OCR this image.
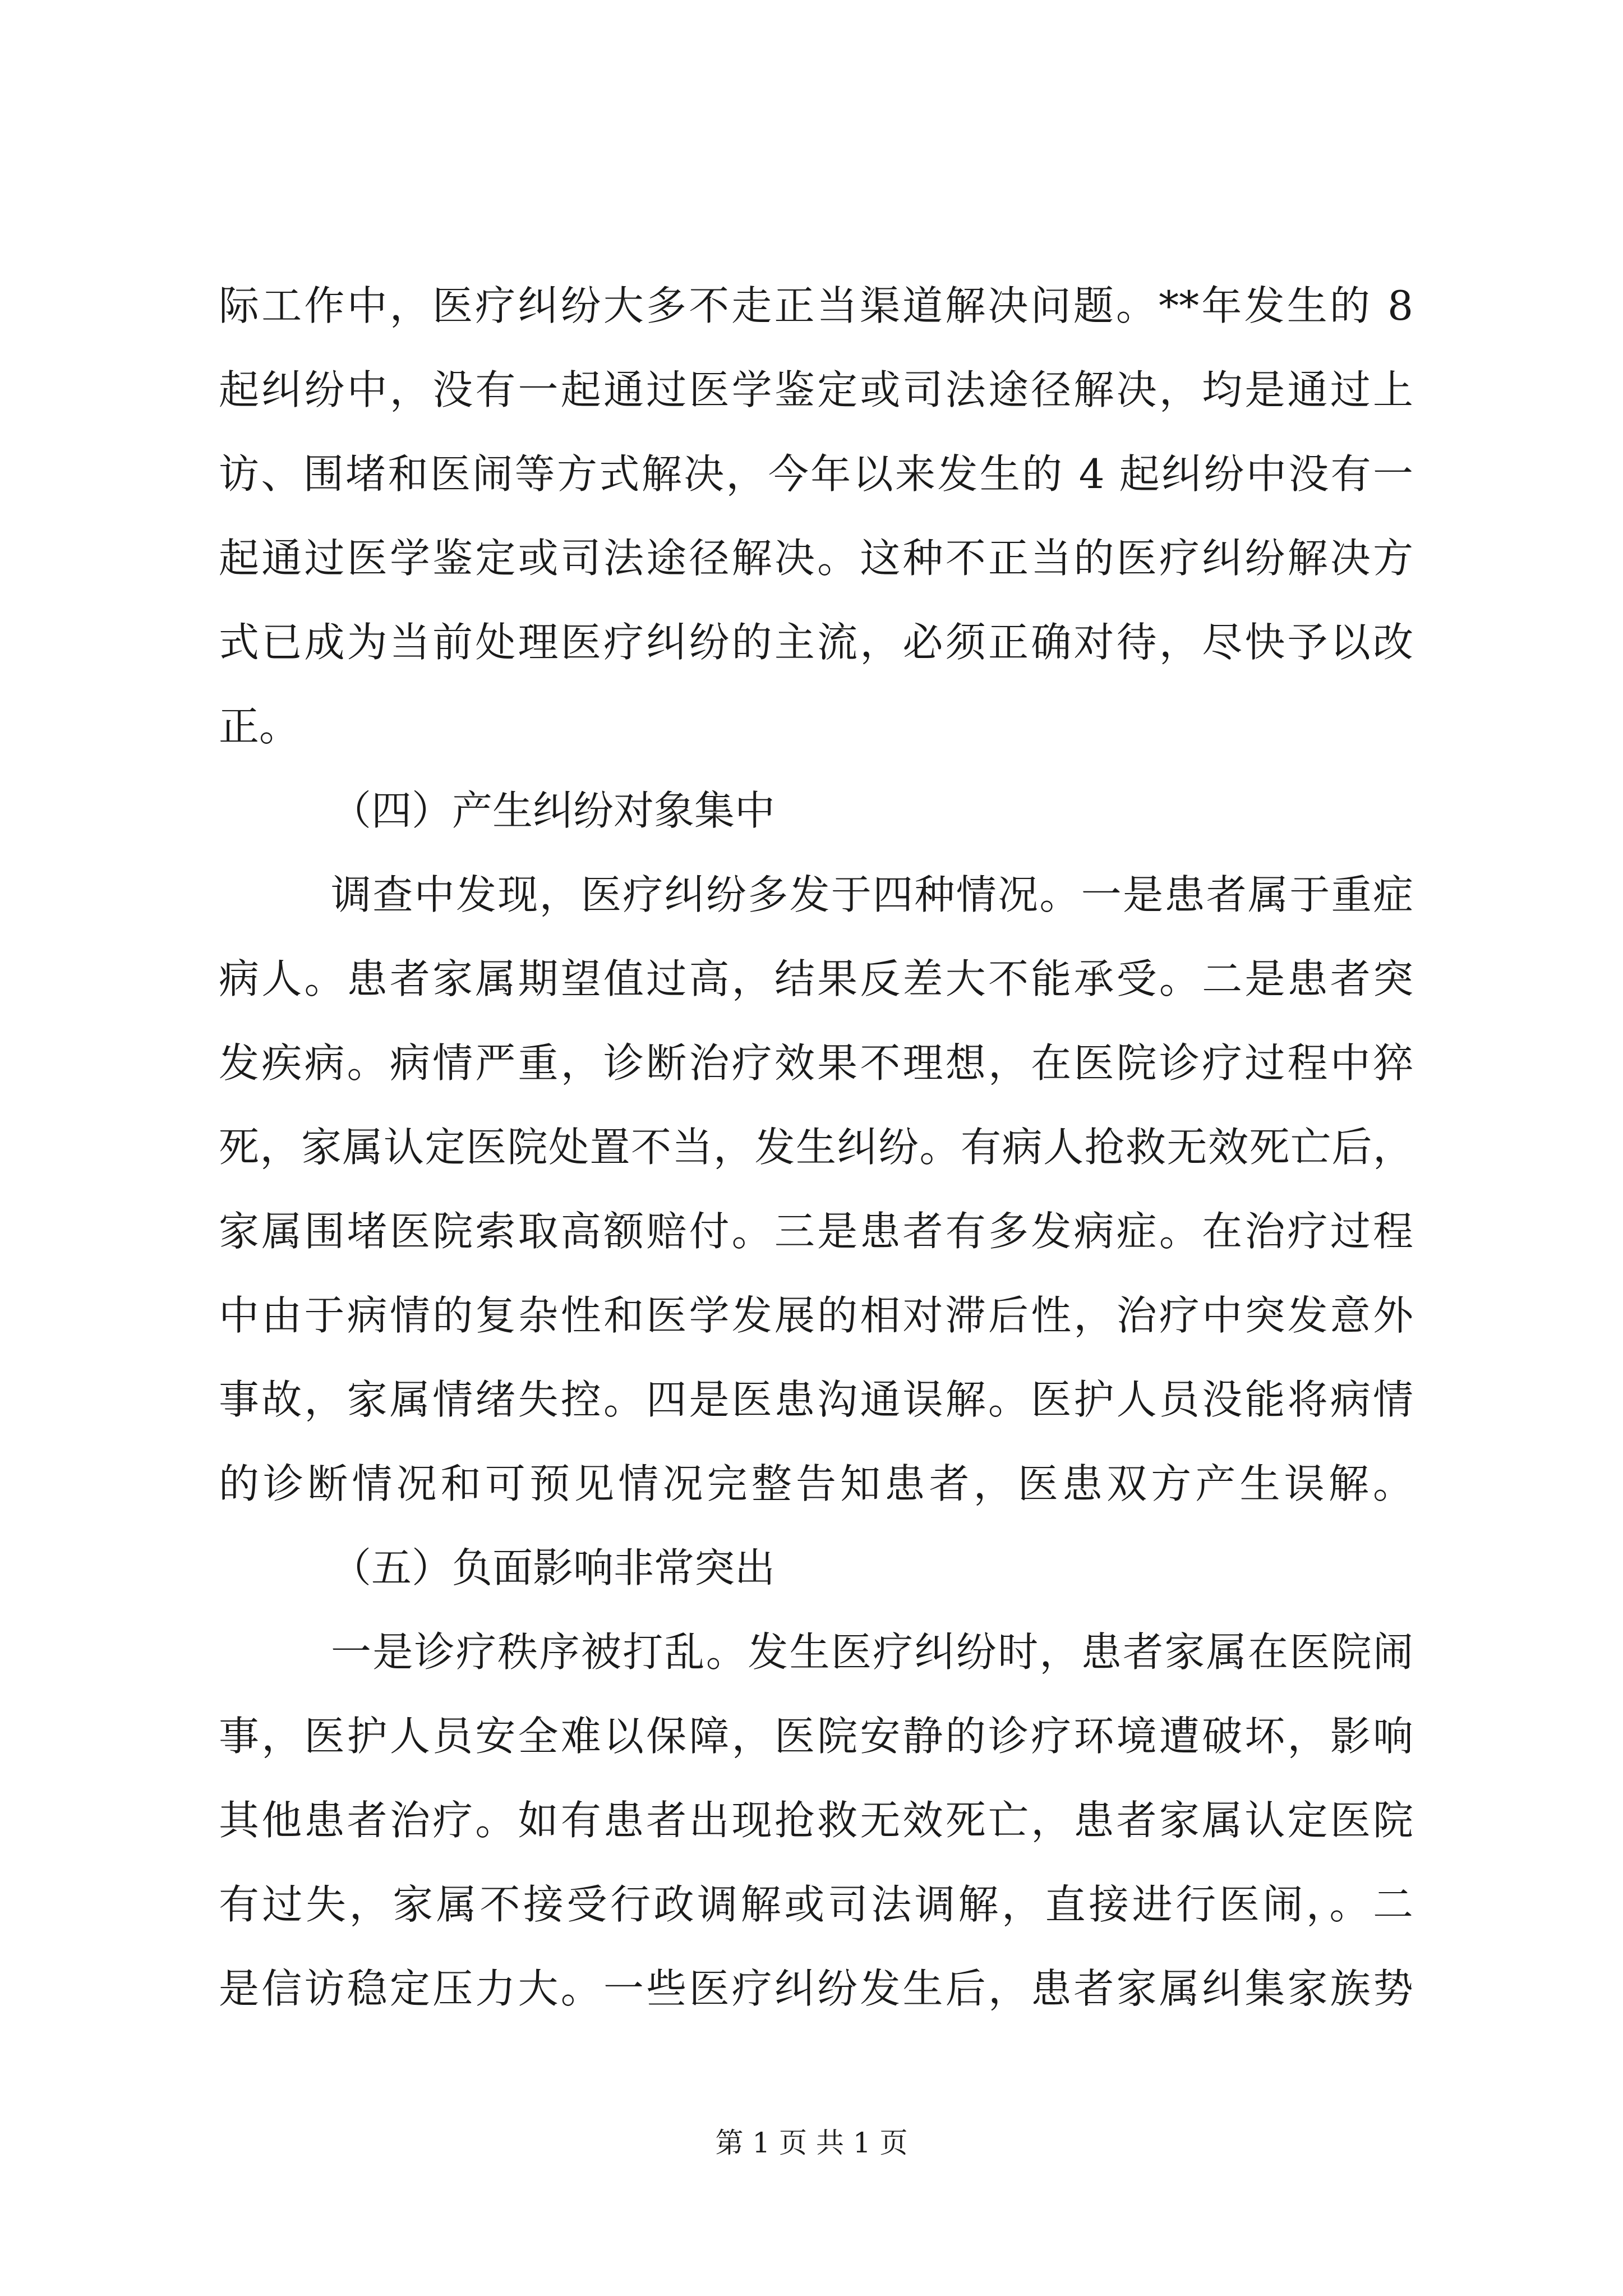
际工作中，医疗纠纷大多不走正当渠道解决问题。**年发生的 8
起纠纷中，没有一起通过医学鉴定或司法途径解决，均是通过上
访、围堵和医闹等方式解决，今年以来发生的 4 起纠纷中没有一
起通过医学鉴定或司法途径解决。这种不正当的医疗纠纷解决方
式已成为当前处理医疗纠纷的主流，必须正确对待，尽快予以改
正。
（四）产生纠纷对象集中
调查中发现，医疗纠纷多发于四种情况。一是患者属于重症
病人。患者家属期望值过高，结果反差大不能承受。二是患者突
发疾病。病情严重，诊断治疗效果不理想，在医院诊疗过程中猝
死，家属认定医院处置不当，发生纠纷。有病人抢救无效死亡后，
家属围堵医院索取高额赔付。三是患者有多发病症。在治疗过程
中由于病情的复杂性和医学发展的相对滞后性，治疗中突发意外
事故，家属情绪失控。四是医患沟通误解。医护人员没能将病情
的诊断情况和可预见情况完整告知患者，医患双方产生误解。
（五）负面影响非常突出
一是诊疗秩序被打乱。发生医疗纠纷时，患者家属在医院闹
事，医护人员安全难以保障，医院安静的诊疗环境遭破坏，影响
其他患者治疗。如有患者出现抢救无效死亡，患者家属认定医院
有过失，家属不接受行政调解或司法调解，直接进行医闹，。二
是信访稳定压力大。一些医疗纠纷发生后，患者家属纠集家族势
第 1 页 共 1 页
